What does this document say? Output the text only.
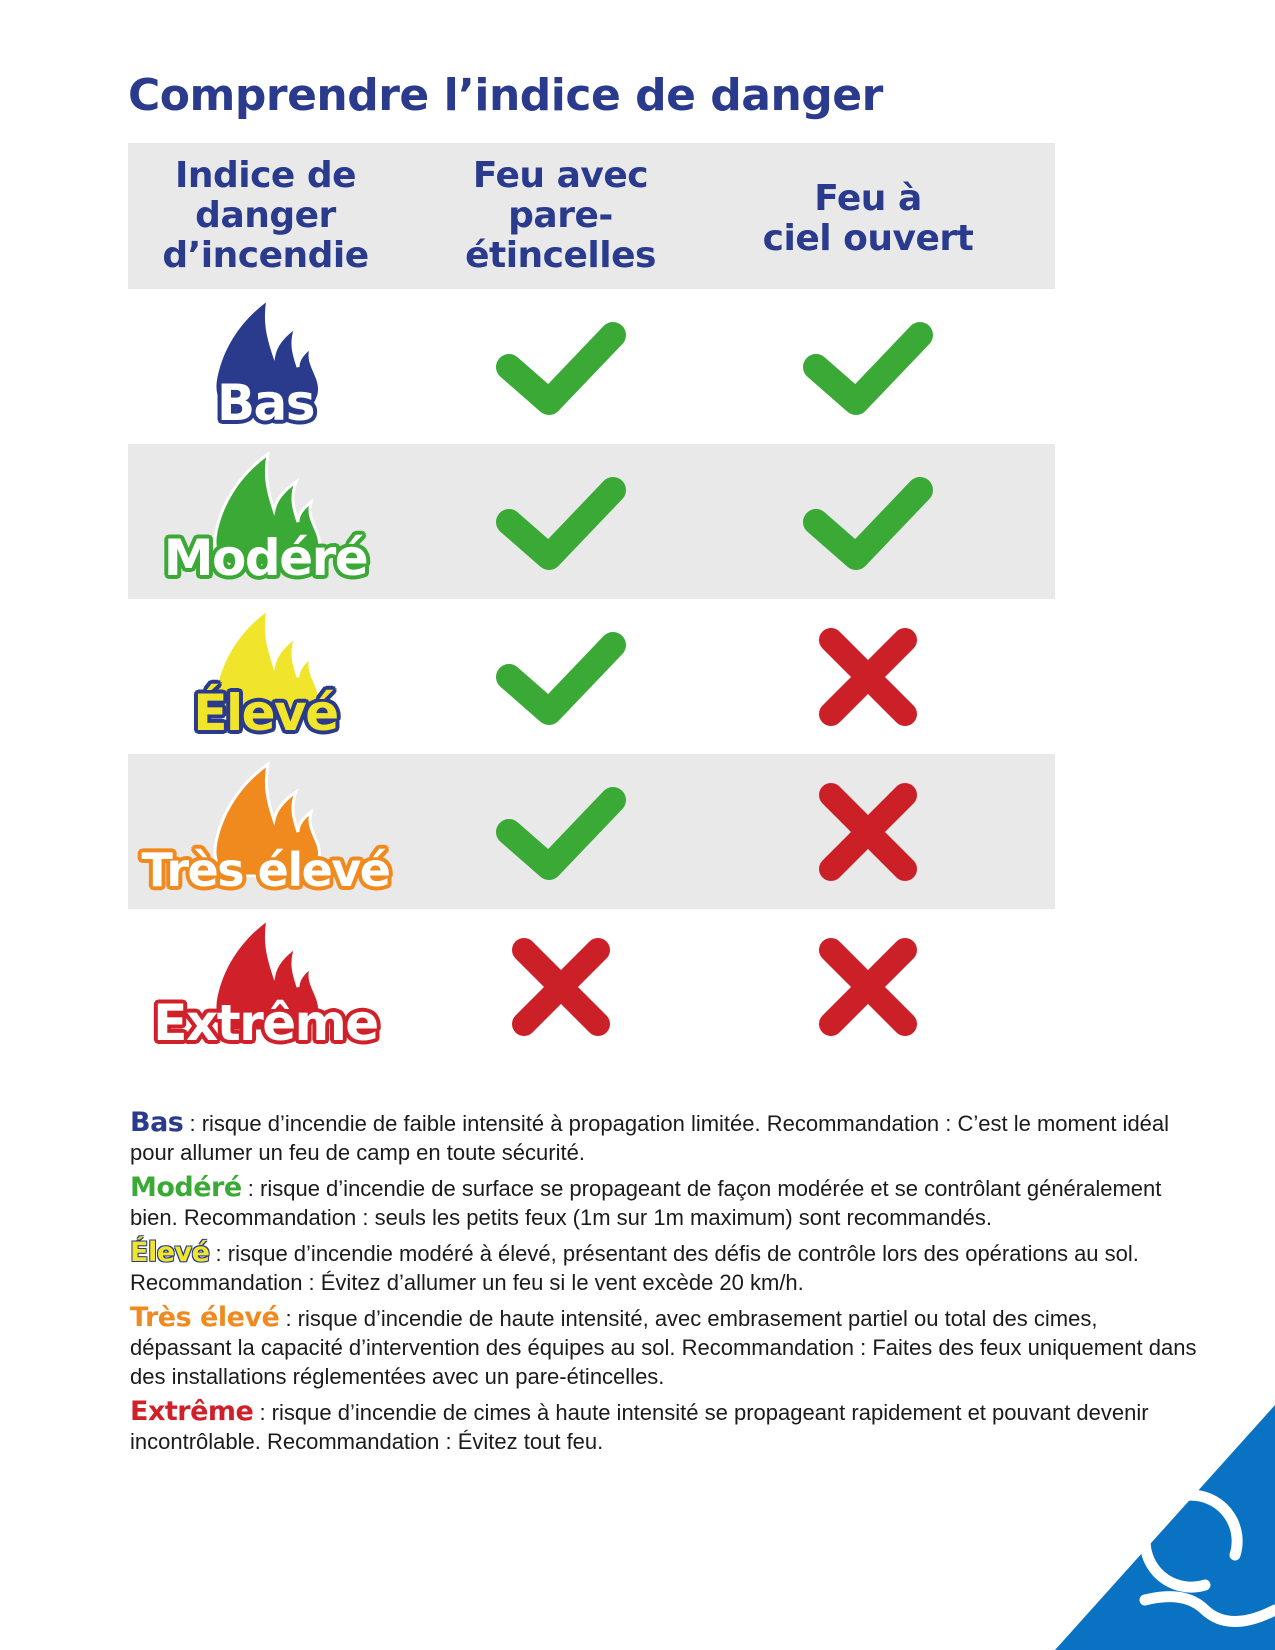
Comprendre l’indice de danger
Indice de
danger
d’incendie
Feu avec
pare-
étincelles
Feu à
ciel ouvert
Bas
Modéré
Élevé
Très élevé
Extrême

Bas : risque d’incendie de faible intensité à propagation limitée. Recommandation : C’est le moment idéal pour allumer un feu de camp en toute sécurité.

Modéré : risque d’incendie de surface se propageant de façon modérée et se contrôlant généralement bien. Recommandation : seuls les petits feux (1m sur 1m maximum) sont recommandés.

Élevé : risque d’incendie modéré à élevé, présentant des défis de contrôle lors des opérations au sol. Recommandation : Évitez d’allumer un feu si le vent excède 20 km/h.

Très élevé : risque d’incendie de haute intensité, avec embrasement partiel ou total des cimes, dépassant la capacité d’intervention des équipes au sol. Recommandation : Faites des feux uniquement dans des installations réglementées avec un pare-étincelles.

Extrême : risque d’incendie de cimes à haute intensité se propageant rapidement et pouvant devenir incontrôlable. Recommandation : Évitez tout feu.
